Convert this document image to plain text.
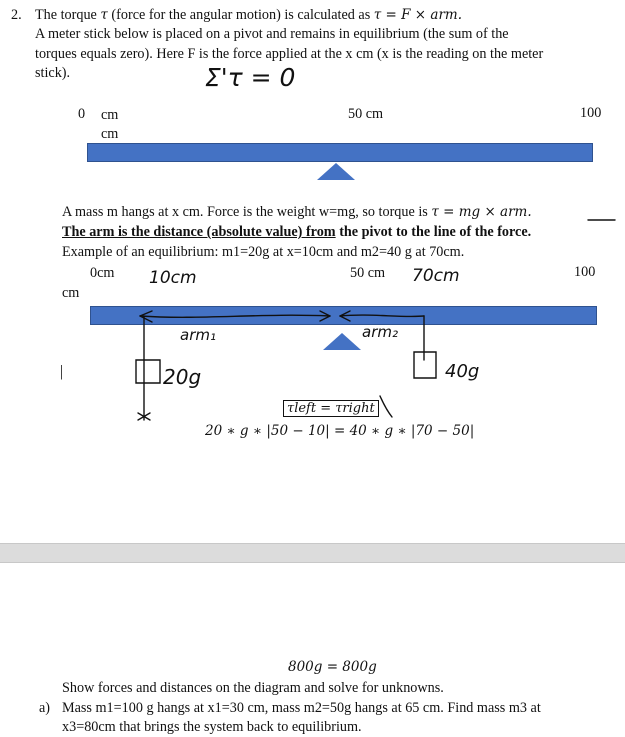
2. The torque τ (force for the angular motion) is calculated as τ = F × arm.
A meter stick below is placed on a pivot and remains in equilibrium (the sum of the
torques equals zero). Here F is the force applied at the x cm (x is the reading on the meter
stick).	Σ'τ = 0
0 cm
cm
50 cm	100
A mass m hangs at x cm. Force is the weight w=mg, so torque is τ = mg × arm.
The arm is the distance (absolute value) from the pivot to the line of the force.
Example of an equilibrium: m1=20g at x=10cm and m2=40 g at 70cm.
0cm 10cm	50 cm 70cm	100
cm
arm₁	arm₂
20g	40g
|
τleft = τright
20 ∗ g ∗ |50 − 10| = 40 ∗ g ∗ |70 − 50|
800g = 800g
Show forces and distances on the diagram and solve for unknowns.
a) Mass m1=100 g hangs at x1=30 cm, mass m2=50g hangs at 65 cm. Find mass m3 at
x3=80cm that brings the system back to equilibrium.
